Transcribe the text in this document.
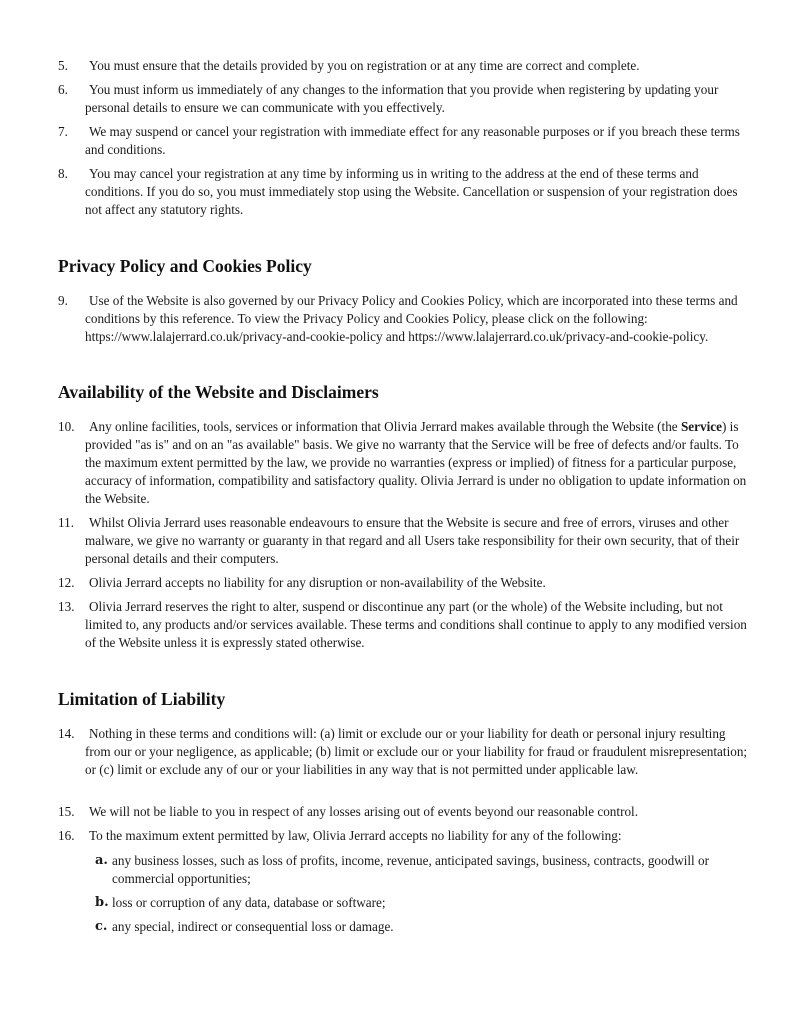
5.	You must ensure that the details provided by you on registration or at any time are correct and complete.
6.	You must inform us immediately of any changes to the information that you provide when registering by updating your personal details to ensure we can communicate with you effectively.
7.	We may suspend or cancel your registration with immediate effect for any reasonable purposes or if you breach these terms and conditions.
8.	You may cancel your registration at any time by informing us in writing to the address at the end of these terms and conditions. If you do so, you must immediately stop using the Website. Cancellation or suspension of your registration does not affect any statutory rights.
Privacy Policy and Cookies Policy
9.	Use of the Website is also governed by our Privacy Policy and Cookies Policy, which are incorporated into these terms and conditions by this reference. To view the Privacy Policy and Cookies Policy, please click on the following: https://www.lalajerrard.co.uk/privacy-and-cookie-policy and https://www.lalajerrard.co.uk/privacy-and-cookie-policy.
Availability of the Website and Disclaimers
10.	Any online facilities, tools, services or information that Olivia Jerrard makes available through the Website (the Service) is provided "as is" and on an "as available" basis. We give no warranty that the Service will be free of defects and/or faults. To the maximum extent permitted by the law, we provide no warranties (express or implied) of fitness for a particular purpose, accuracy of information, compatibility and satisfactory quality. Olivia Jerrard is under no obligation to update information on the Website.
11.	Whilst Olivia Jerrard uses reasonable endeavours to ensure that the Website is secure and free of errors, viruses and other malware, we give no warranty or guaranty in that regard and all Users take responsibility for their own security, that of their personal details and their computers.
12.	Olivia Jerrard accepts no liability for any disruption or non-availability of the Website.
13.	Olivia Jerrard reserves the right to alter, suspend or discontinue any part (or the whole) of the Website including, but not limited to, any products and/or services available. These terms and conditions shall continue to apply to any modified version of the Website unless it is expressly stated otherwise.
Limitation of Liability
14.	Nothing in these terms and conditions will: (a) limit or exclude our or your liability for death or personal injury resulting from our or your negligence, as applicable; (b) limit or exclude our or your liability for fraud or fraudulent misrepresentation; or (c) limit or exclude any of our or your liabilities in any way that is not permitted under applicable law.
15.	We will not be liable to you in respect of any losses arising out of events beyond our reasonable control.
16.	To the maximum extent permitted by law, Olivia Jerrard accepts no liability for any of the following:
a. any business losses, such as loss of profits, income, revenue, anticipated savings, business, contracts, goodwill or commercial opportunities;
b. loss or corruption of any data, database or software;
c. any special, indirect or consequential loss or damage.
